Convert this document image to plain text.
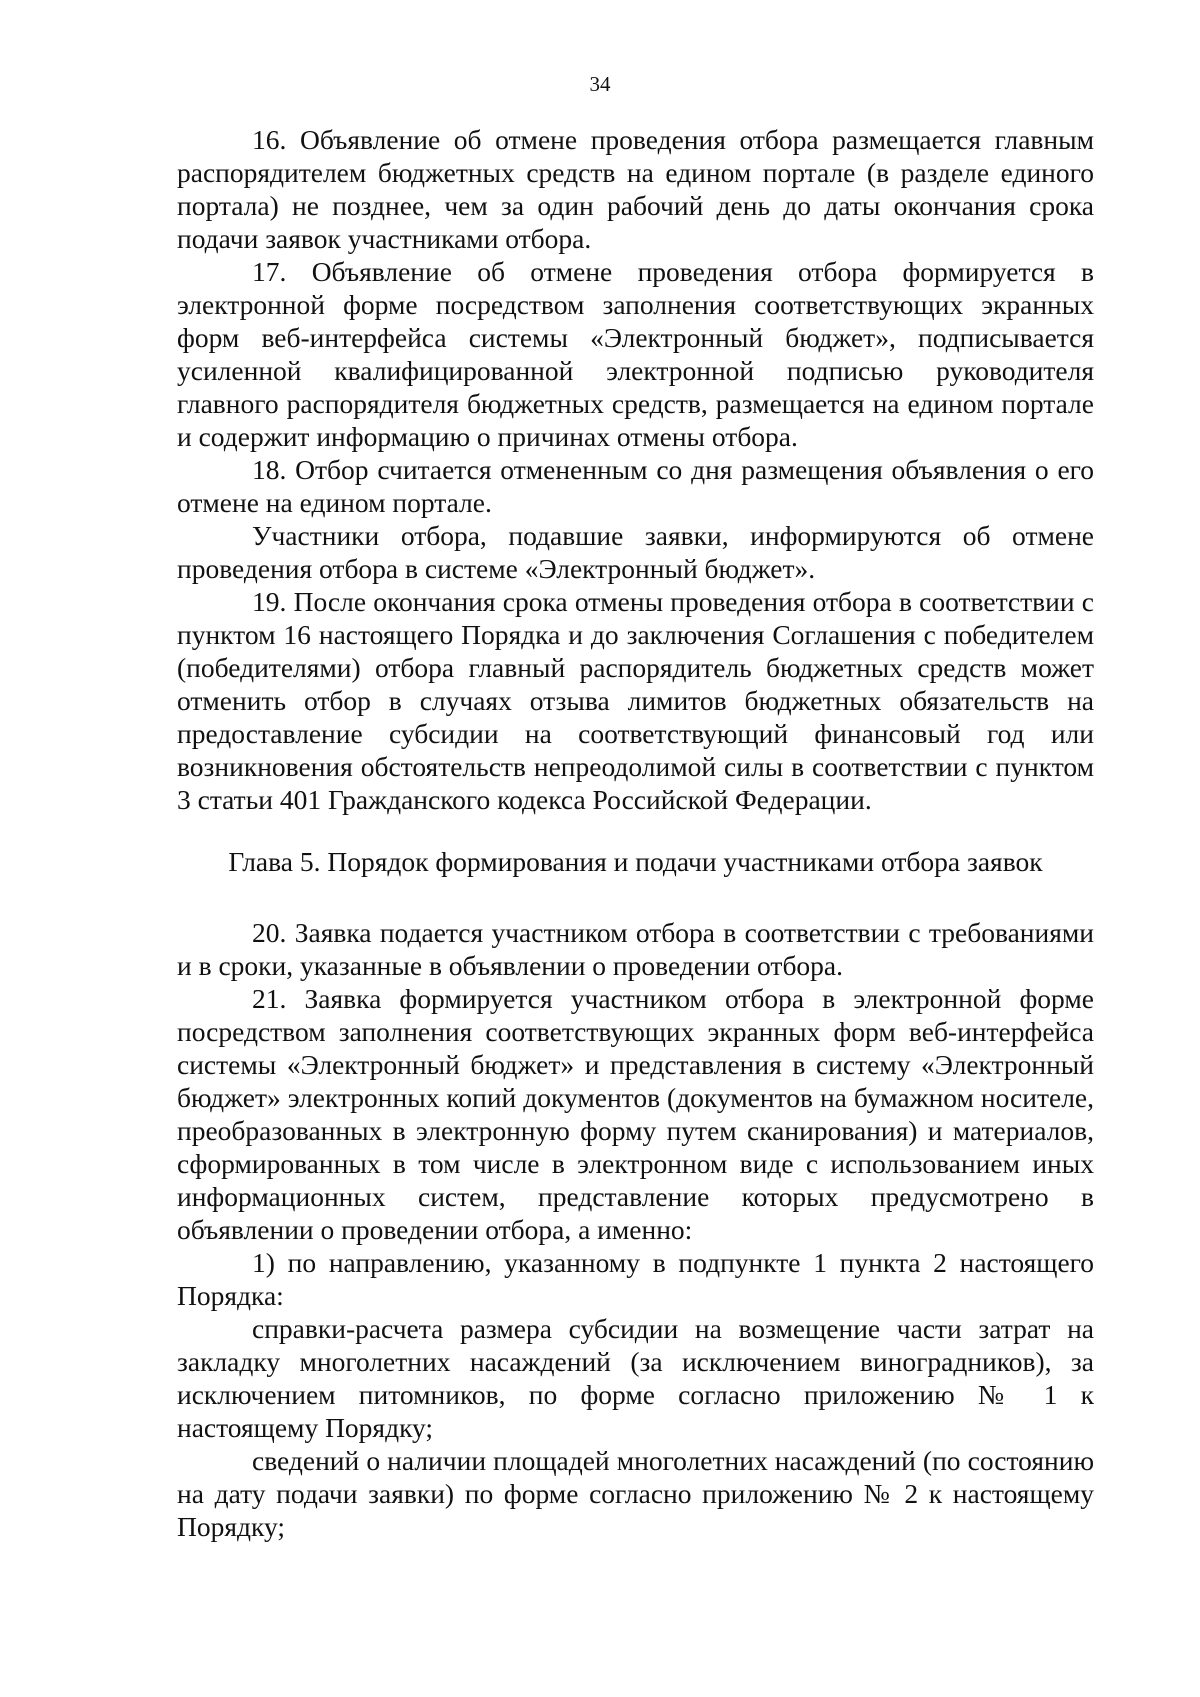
34

16. Объявление об отмене проведения отбора размещается главным распорядителем бюджетных средств на едином портале (в разделе единого портала) не позднее, чем за один рабочий день до даты окончания срока подачи заявок участниками отбора.

17. Объявление об отмене проведения отбора формируется в электронной форме посредством заполнения соответствующих экранных форм веб-интерфейса системы «Электронный бюджет», подписывается усиленной квалифицированной электронной подписью руководителя главного распорядителя бюджетных средств, размещается на едином портале и содержит информацию о причинах отмены отбора.

18. Отбор считается отмененным со дня размещения объявления о его отмене на едином портале.

Участники отбора, подавшие заявки, информируются об отмене проведения отбора в системе «Электронный бюджет».

19. После окончания срока отмены проведения отбора в соответствии с пунктом 16 настоящего Порядка и до заключения Соглашения с победителем (победителями) отбора главный распорядитель бюджетных средств может отменить отбор в случаях отзыва лимитов бюджетных обязательств на предоставление субсидии на соответствующий финансовый год или возникновения обстоятельств непреодолимой силы в соответствии с пунктом 3 статьи 401 Гражданского кодекса Российской Федерации.

Глава 5. Порядок формирования и подачи участниками отбора заявок

20. Заявка подается участником отбора в соответствии с требованиями и в сроки, указанные в объявлении о проведении отбора.

21. Заявка формируется участником отбора в электронной форме посредством заполнения соответствующих экранных форм веб-интерфейса системы «Электронный бюджет» и представления в систему «Электронный бюджет» электронных копий документов (документов на бумажном носителе, преобразованных в электронную форму путем сканирования) и материалов, сформированных в том числе в электронном виде с использованием иных информационных систем, представление которых предусмотрено в объявлении о проведении отбора, а именно:

1) по направлению, указанному в подпункте 1 пункта 2 настоящего Порядка:

справки-расчета размера субсидии на возмещение части затрат на закладку многолетних насаждений (за исключением виноградников), за исключением питомников, по форме согласно приложению № 1 к настоящему Порядку;

сведений о наличии площадей многолетних насаждений (по состоянию на дату подачи заявки) по форме согласно приложению № 2 к настоящему Порядку;
